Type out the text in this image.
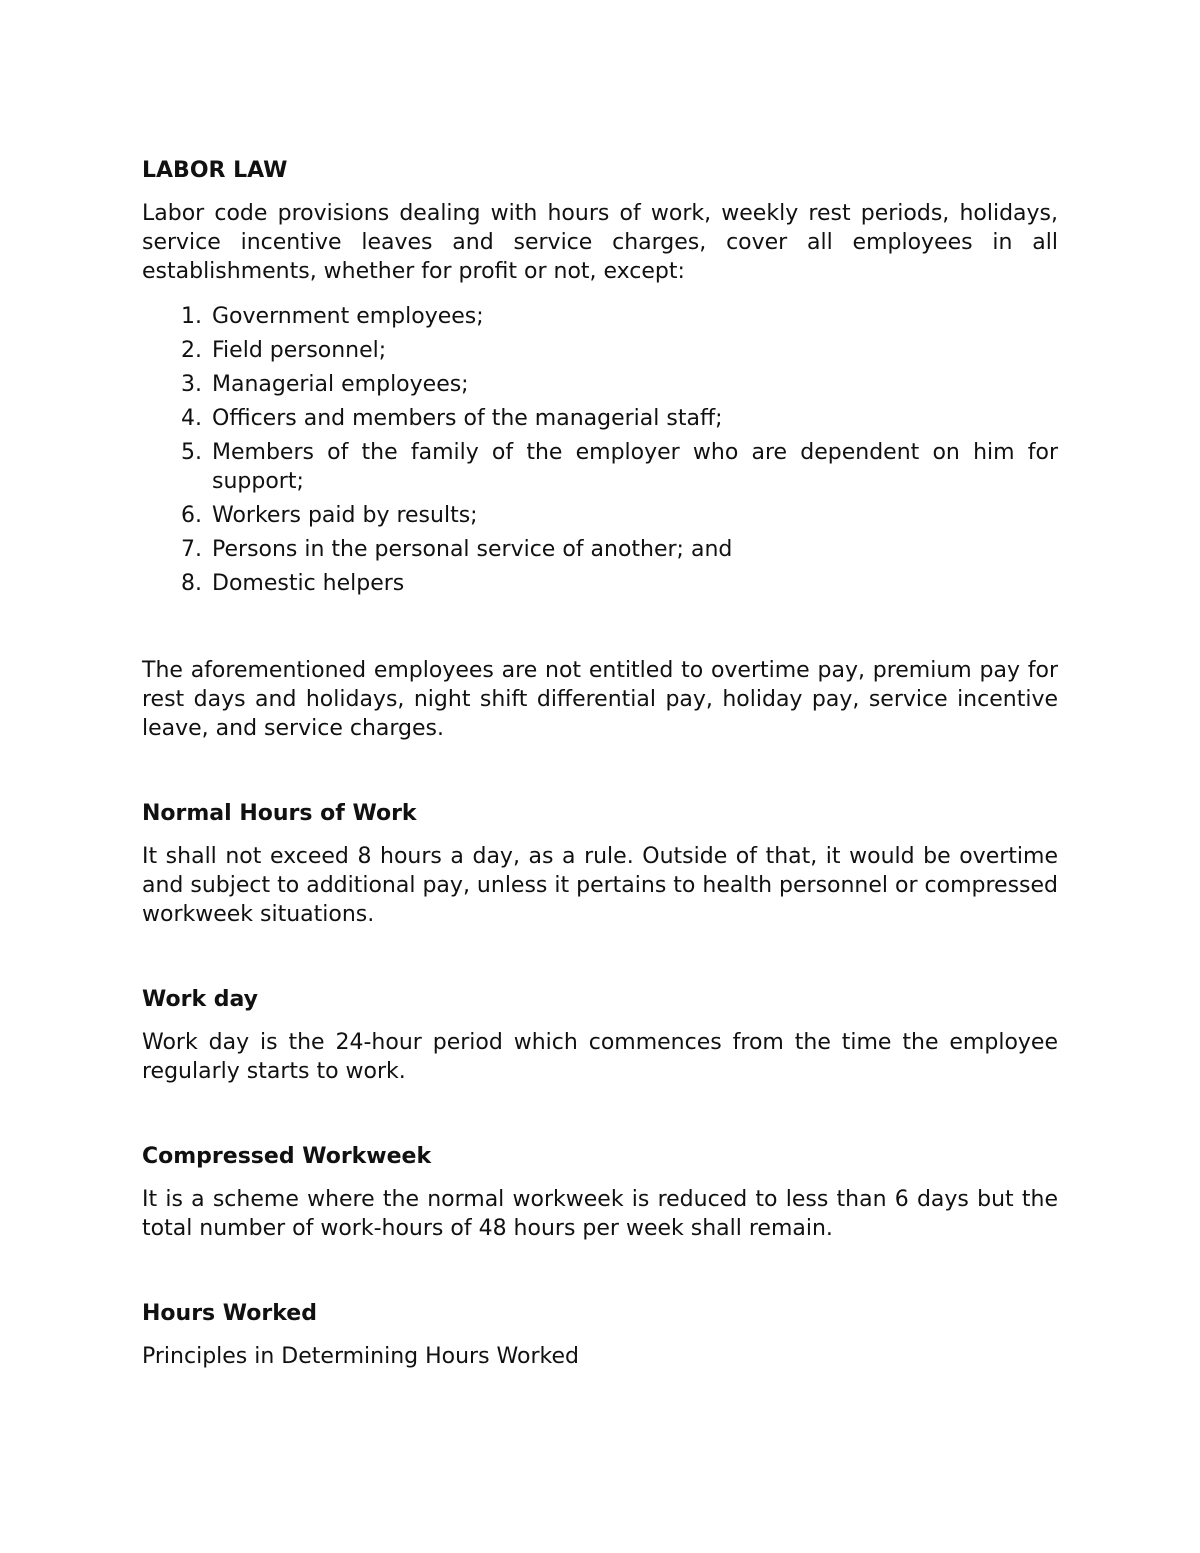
LABOR LAW

Labor code provisions dealing with hours of work, weekly rest periods, holidays, service incentive leaves and service charges, cover all employees in all establishments, whether for profit or not, except:

1. Government employees;
2. Field personnel;
3. Managerial employees;
4. Officers and members of the managerial staff;
5. Members of the family of the employer who are dependent on him for support;
6. Workers paid by results;
7. Persons in the personal service of another; and
8. Domestic helpers

The aforementioned employees are not entitled to overtime pay, premium pay for rest days and holidays, night shift differential pay, holiday pay, service incentive leave, and service charges.

Normal Hours of Work

It shall not exceed 8 hours a day, as a rule. Outside of that, it would be overtime and subject to additional pay, unless it pertains to health personnel or compressed workweek situations.

Work day

Work day is the 24-hour period which commences from the time the employee regularly starts to work.

Compressed Workweek

It is a scheme where the normal workweek is reduced to less than 6 days but the total number of work-hours of 48 hours per week shall remain.

Hours Worked

Principles in Determining Hours Worked
